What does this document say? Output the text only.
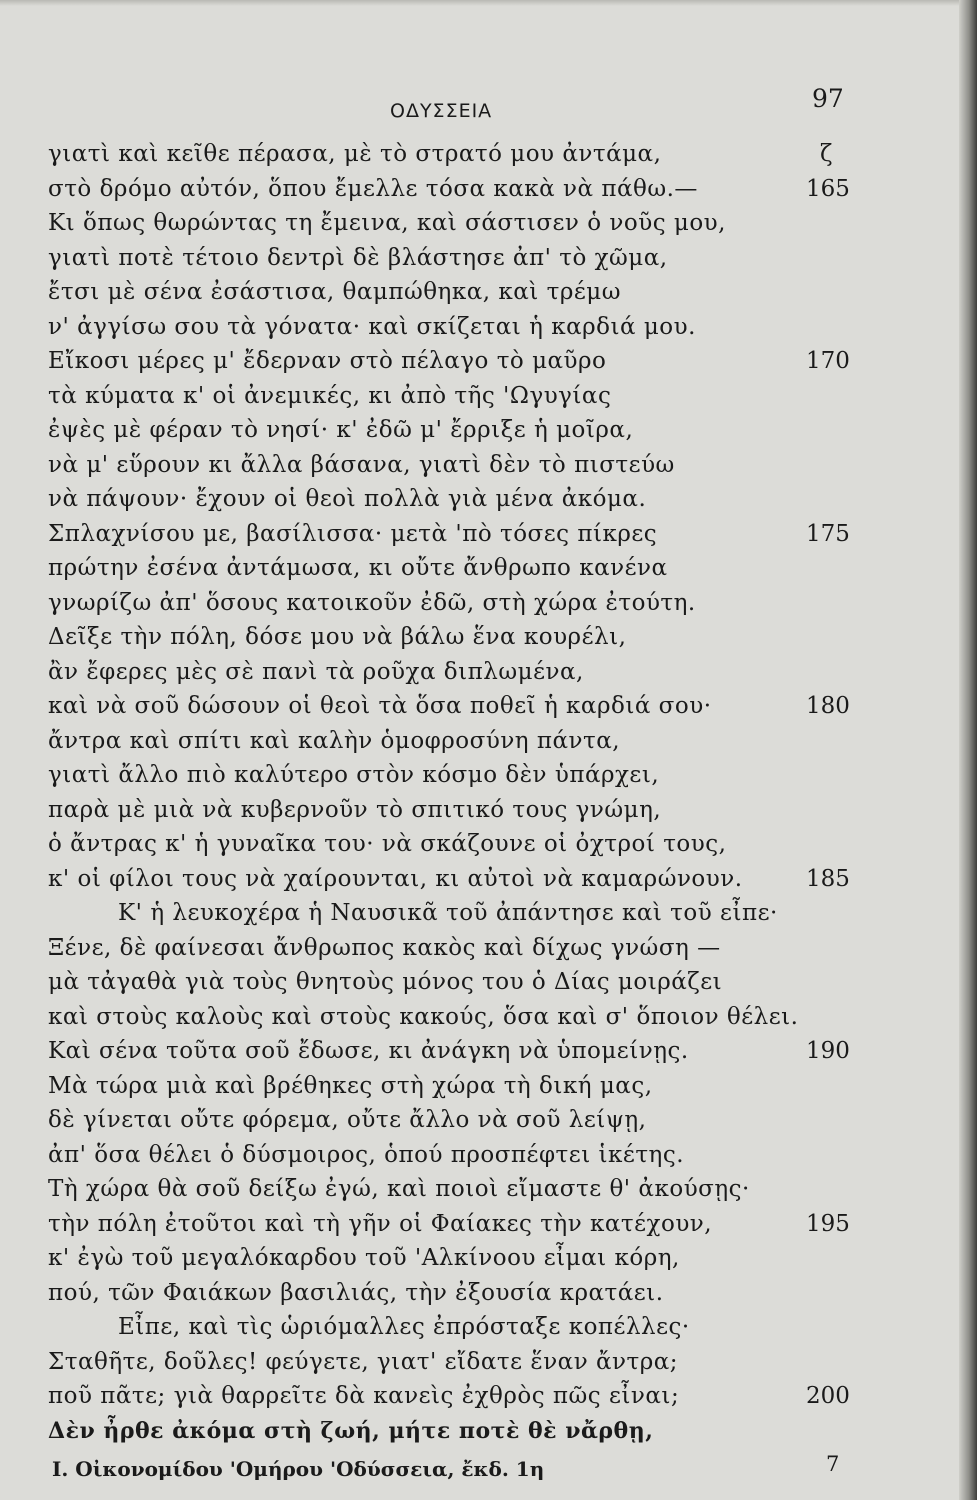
ΟΔΥΣΣΕΙΑ	97
γιατὶ καὶ κεῖθε πέρασα, μὲ τὸ στρατό μου ἀντάμα,	ζ
στὸ δρόμο αὐτόν, ὅπου ἔμελλε τόσα κακὰ νὰ πάθω.—	165
Κι ὅπως θωρώντας τη ἔμεινα, καὶ σάστισεν ὁ νοῦς μου,
γιατὶ ποτὲ τέτοιο δεντρὶ δὲ βλάστησε ἀπ' τὸ χῶμα,
ἔτσι μὲ σένα ἐσάστισα, θαμπώθηκα, καὶ τρέμω
ν' ἀγγίσω σου τὰ γόνατα· καὶ σκίζεται ἡ καρδιά μου.
Εἴκοσι μέρες μ' ἔδερναν στὸ πέλαγο τὸ μαῦρο	170
τὰ κύματα κ' οἱ ἀνεμικές, κι ἀπὸ τῆς 'Ωγυγίας
ἐψὲς μὲ φέραν τὸ νησί· κ' ἐδῶ μ' ἔρριξε ἡ μοῖρα,
νὰ μ' εὕρουν κι ἄλλα βάσανα, γιατὶ δὲν τὸ πιστεύω
νὰ πάψουν· ἔχουν οἱ θεοὶ πολλὰ γιὰ μένα ἀκόμα.
Σπλαχνίσου με, βασίλισσα· μετὰ 'πὸ τόσες πίκρες	175
πρώτην ἐσένα ἀντάμωσα, κι οὔτε ἄνθρωπο κανένα
γνωρίζω ἀπ' ὅσους κατοικοῦν ἐδῶ, στὴ χώρα ἐτούτη.
Δεῖξε τὴν πόλη, δόσε μου νὰ βάλω ἕνα κουρέλι,
ἂν ἔφερες μὲς σὲ πανὶ τὰ ροῦχα διπλωμένα,
καὶ νὰ σοῦ δώσουν οἱ θεοὶ τὰ ὅσα ποθεῖ ἡ καρδιά σου·	180
ἄντρα καὶ σπίτι καὶ καλὴν ὁμοφροσύνη πάντα,
γιατὶ ἄλλο πιὸ καλύτερο στὸν κόσμο δὲν ὑπάρχει,
παρὰ μὲ μιὰ νὰ κυβερνοῦν τὸ σπιτικό τους γνώμη,
ὁ ἄντρας κ' ἡ γυναῖκα του· νὰ σκάζουνε οἱ ὀχτροί τους,
κ' οἱ φίλοι τους νὰ χαίρουνται, κι αὐτοὶ νὰ καμαρώνουν.	185
Κ' ἡ λευκοχέρα ἡ Ναυσικᾶ τοῦ ἀπάντησε καὶ τοῦ εἶπε·
Ξένε, δὲ φαίνεσαι ἄνθρωπος κακὸς καὶ δίχως γνώση —
μὰ τἀγαθὰ γιὰ τοὺς θνητοὺς μόνος του ὁ Δίας μοιράζει
καὶ στοὺς καλοὺς καὶ στοὺς κακούς, ὅσα καὶ σ' ὅποιον θέλει.
Καὶ σένα τοῦτα σοῦ ἔδωσε, κι ἀνάγκη νὰ ὑπομείνῃς.	190
Μὰ τώρα μιὰ καὶ βρέθηκες στὴ χώρα τὴ δική μας,
δὲ γίνεται οὔτε φόρεμα, οὔτε ἄλλο νὰ σοῦ λείψῃ,
ἀπ' ὅσα θέλει ὁ δύσμοιρος, ὁπού προσπέφτει ἱκέτης.
Τὴ χώρα θὰ σοῦ δείξω ἐγώ, καὶ ποιοὶ εἴμαστε θ' ἀκούσῃς·
τὴν πόλη ἐτοῦτοι καὶ τὴ γῆν οἱ Φαίακες τὴν κατέχουν,	195
κ' ἐγὼ τοῦ μεγαλόκαρδου τοῦ 'Αλκίνοου εἶμαι κόρη,
πού, τῶν Φαιάκων βασιλιάς, τὴν ἐξουσία κρατάει.
Εἶπε, καὶ τὶς ὡριόμαλλες ἐπρόσταξε κοπέλλες·
Σταθῆτε, δοῦλες! φεύγετε, γιατ' εἴδατε ἕναν ἄντρα;
ποῦ πᾶτε; γιὰ θαρρεῖτε δὰ κανεὶς ἐχθρὸς πῶς εἶναι;	200
Δὲν ἦρθε ἀκόμα στὴ ζωή, μήτε ποτὲ θὲ νἄρθῃ,
Ι. Οἰκονομίδου 'Ομήρου 'Οδύσσεια, ἔκδ. 1η	7
